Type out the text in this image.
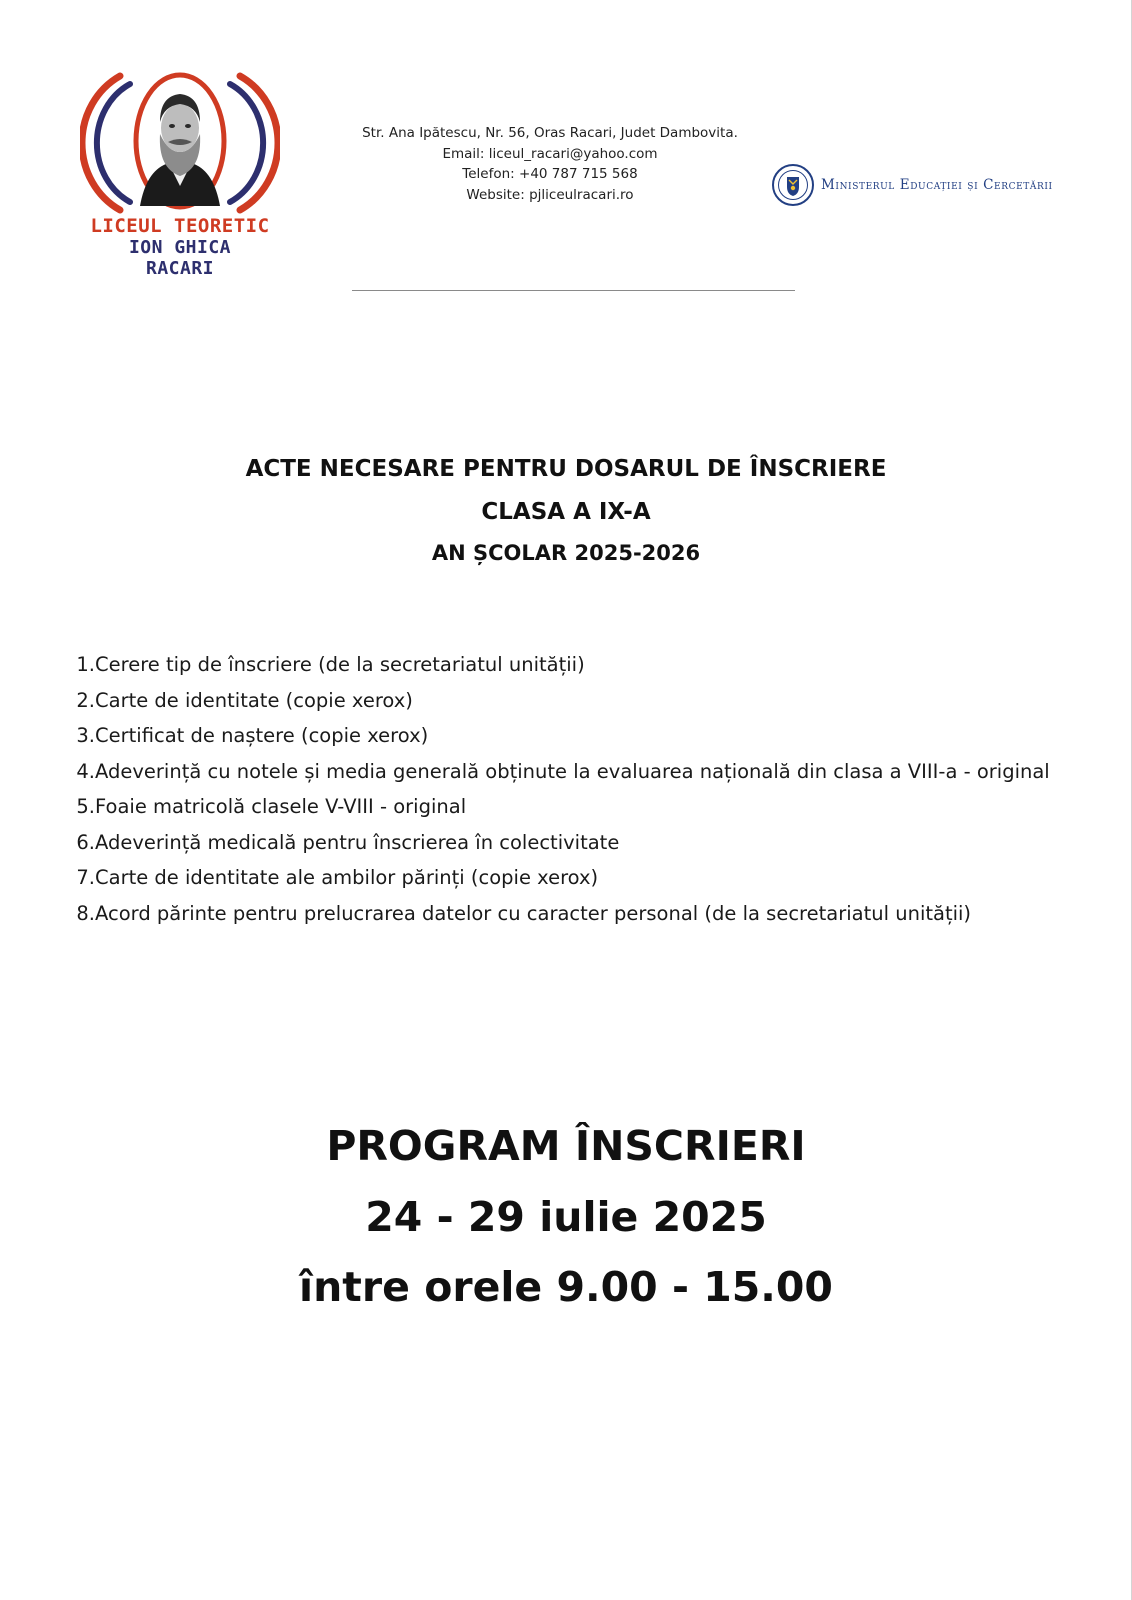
LICEUL TEORETIC
ION GHICA
RACARI
Str. Ana Ipătescu, Nr. 56, Oras Racari, Judet Dambovita.
Email: liceul_racari@yahoo.com
Telefon: +40 787 715 568
Website: pjliceulracari.ro
Ministerul Educației și Cercetării
ACTE NECESARE PENTRU DOSARUL DE ÎNSCRIERE
CLASA A IX-A
AN ȘCOLAR 2025-2026
1. Cerere tip de înscriere (de la secretariatul unității)
2. Carte de identitate (copie xerox)
3. Certificat de naștere (copie xerox)
4. Adeverință cu notele și media generală obținute la evaluarea națională din clasa a VIII-a - original
5. Foaie matricolă clasele V-VIII - original
6. Adeverință medicală pentru înscrierea în colectivitate
7. Carte de identitate ale ambilor părinți (copie xerox)
8. Acord părinte pentru prelucrarea datelor cu caracter personal (de la secretariatul unității)
PROGRAM ÎNSCRIERI
24 - 29 iulie 2025
între orele 9.00 - 15.00
